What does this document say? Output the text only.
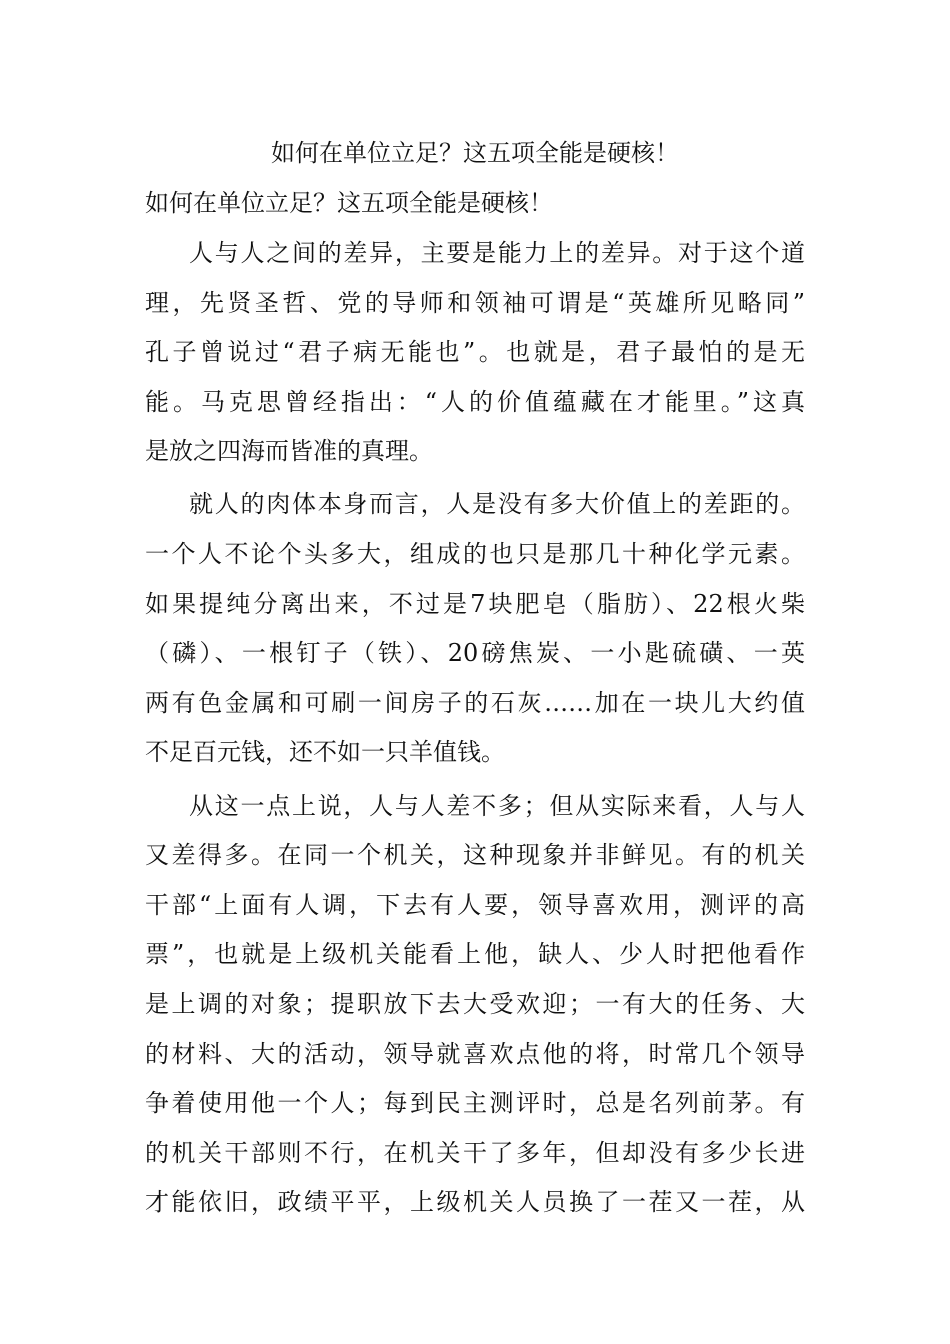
如何在单位立足？这五项全能是硬核！
如何在单位立足？这五项全能是硬核！
人与人之间的差异，主要是能力上的差异。对于这个道
理，先贤圣哲、党的导师和领袖可谓是“英雄所见略同”
孔子曾说过“君子病无能也”。也就是，君子最怕的是无
能。马克思曾经指出：“人的价值蕴藏在才能里。”这真
是放之四海而皆准的真理。
就人的肉体本身而言，人是没有多大价值上的差距的。
一个人不论个头多大，组成的也只是那几十种化学元素。
如果提纯分离出来，不过是7块肥皂（脂肪）、22根火柴
（磷）、一根钉子（铁）、20磅焦炭、一小匙硫磺、一英
两有色金属和可刷一间房子的石灰……加在一块儿大约值
不足百元钱，还不如一只羊值钱。
从这一点上说，人与人差不多；但从实际来看，人与人
又差得多。在同一个机关，这种现象并非鲜见。有的机关
干部“上面有人调，下去有人要，领导喜欢用，测评的高
票”，也就是上级机关能看上他，缺人、少人时把他看作
是上调的对象；提职放下去大受欢迎；一有大的任务、大
的材料、大的活动，领导就喜欢点他的将，时常几个领导
争着使用他一个人；每到民主测评时，总是名列前茅。有
的机关干部则不行，在机关干了多年，但却没有多少长进
才能依旧，政绩平平，上级机关人员换了一茬又一茬，从
